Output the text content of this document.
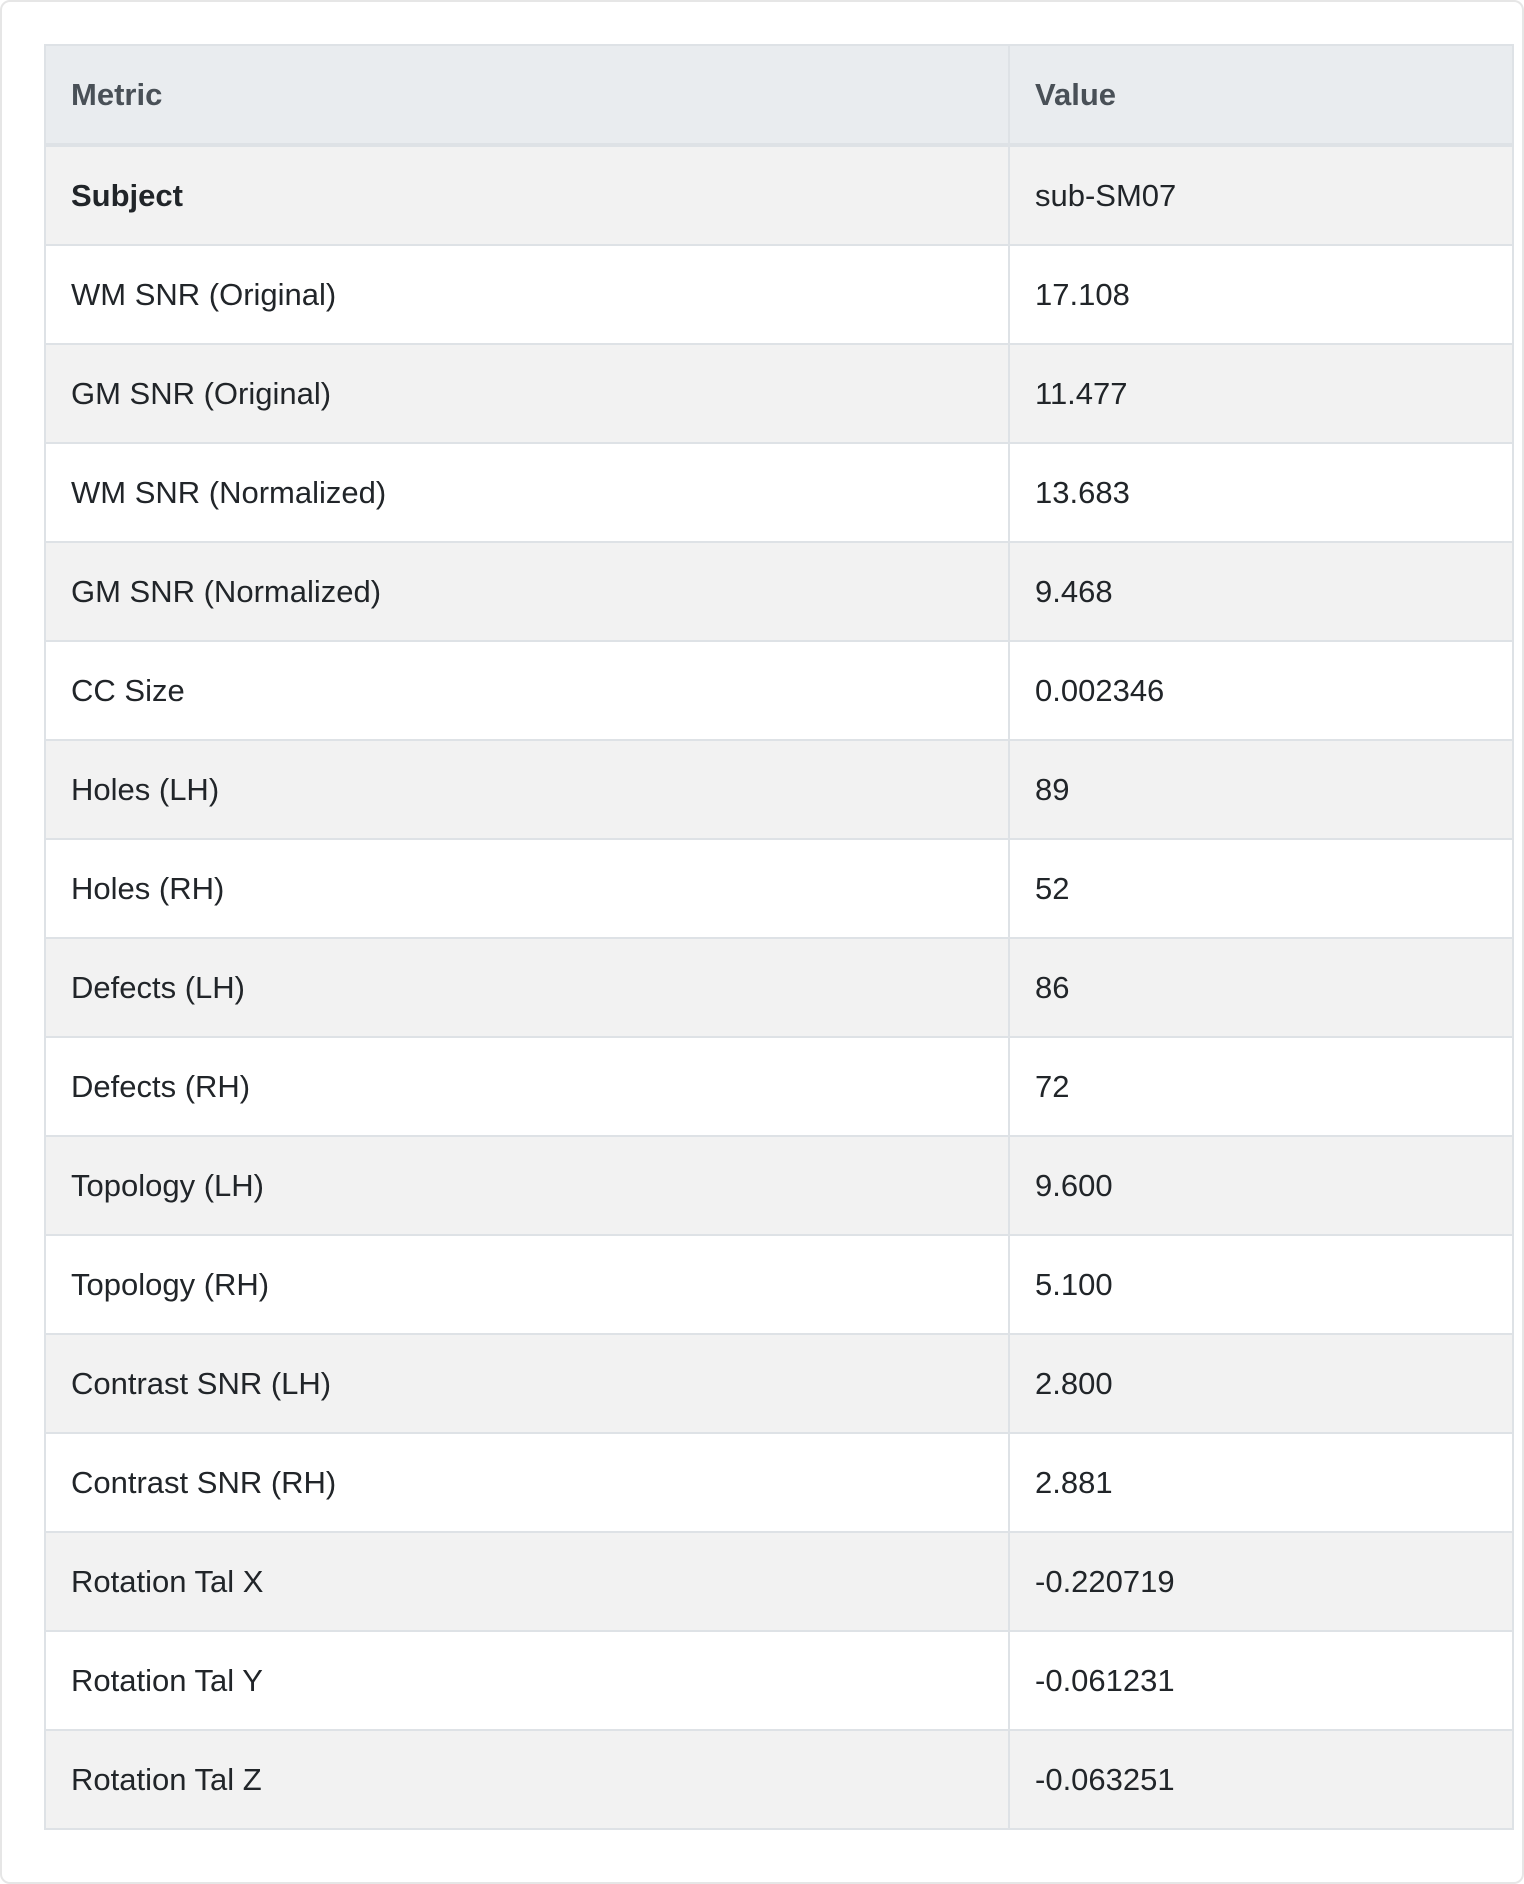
Metric	Value
Subject	sub-SM07
WM SNR (Original)	17.108
GM SNR (Original)	11.477
WM SNR (Normalized)	13.683
GM SNR (Normalized)	9.468
CC Size	0.002346
Holes (LH)	89
Holes (RH)	52
Defects (LH)	86
Defects (RH)	72
Topology (LH)	9.600
Topology (RH)	5.100
Contrast SNR (LH)	2.800
Contrast SNR (RH)	2.881
Rotation Tal X	-0.220719
Rotation Tal Y	-0.061231
Rotation Tal Z	-0.063251
